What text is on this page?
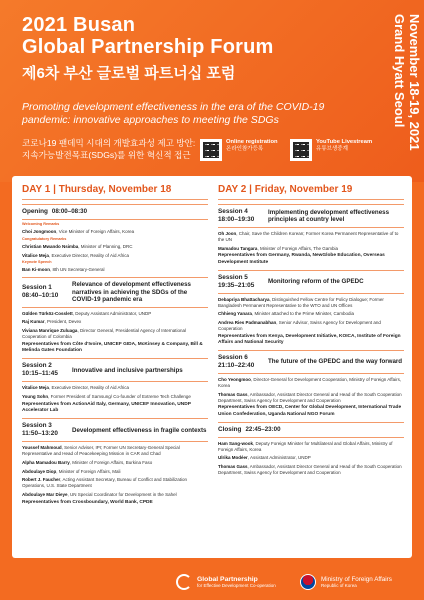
2021 Busan
Global Partnership Forum
제6차 부산 글로벌 파트너십 포럼	November 18-19, 2021 Grand Hyatt Seoul
Promoting development effectiveness in the era of the COVID-19 pandemic: innovative approaches to meeting the SDGs
코로나19 팬데믹 시대의 개발효과성 제고 방안: 지속가능발전목표(SDGs)를 위한 혁신적 접근
Online registration
온라인참가등록
YouTube Livestream
유튜브생중계
DAY 1 | Thursday, November 18
Opening 08:00–08:30
Welcoming Remarks
Choi Jongmoon, Vice Minister of Foreign Affairs, Korea
Congratulatory Remarks
Christian Mwando Nsimba, Minister of Planning, DRC
Vitalice Meja, Executive Director, Reality of Aid Africa
Keynote Speech
Ban Ki-moon, 8th UN Secretary-General
Session 1
08:40–10:10
Relevance of development effectiveness narratives in achieving the SDGs of the COVID-19 pandemic era
Gülden Türköz-Cosslett, Deputy Assistant Administrator, UNDP
Raj Kumar, President, Devex
Viviana Manrique Zuluaga, Director General, Presidential Agency of International Cooperation of Colombia
Representatives from Côte d'Ivoire, UNICEF GIDA, McKinsey & Company, Bill & Melinda Gates Foundation
Session 2
10:15–11:45
Innovative and inclusive partnerships
Vitalice Meja, Executive Director, Reality of Aid Africa
Young Sohn, Former President of Samsung/ Co-founder of Extreme Tech Challenge
Representatives from ActionAid Italy, Germany, UNICEF Innovation, UNDP Accelerator Lab
Session 3
11:50–13:20
Development effectiveness in fragile contexts
Youssef Mahmoud, Senior Adviser, IPI; Former UN Secretary-General Special Representative and Head of Peacekeeping Mission in CAR and Chad
Alpha Mamadou Barry, Minister of Foreign Affairs, Burkina Faso
Abdoulaye Diop, Minister of Foreign Affairs, Mali
Robert J. Faucher, Acting Assistant Secretary, Bureau of Conflict and Stabilization Operations, U.S. State Department
Abdoulaye Mar Dieye, UN Special Coordinator for Development in the Sahel
Representatives from Crossboundary, World Bank, CPDE
DAY 2 | Friday, November 19
Session 4
18:00–19:30
Implementing development effectiveness principles at country level
Oh Joon, Chair, Save the Children Korean; Former Korea Permanent Representative of to the UN
Mamadou Tangara, Minister of Foreign Affairs, The Gambia
Representatives from Germany, Rwanda, NewGlobe Education, Overseas Development Institute
Session 5
19:35–21:05
Monitoring reform of the GPEDC
Debapriya Bhattacharya, Distinguished Fellow Centre for Policy Dialogue; Former Bangladesh Permanent Representative to the WTO and UN Offices
Chhieng Yanara, Minister attached to the Prime Minister, Cambodia
Andrea Ries Padmanabhan, Senior Advisor, Swiss Agency for Development and Cooperation
Representatives from Kenya, Development Initiative, KOICA, Institute of Foreign Affairs and National Security
Session 6
21:10–22:40
The future of the GPEDC and the way forward
Cho Yeongmoo, Director-General for Development Cooperation, Ministry of Foreign Affairs, Korea
Thomas Gass, Ambassador, Assistant Director General and Head of the South Cooperation Department, Swiss Agency for Development and Cooperation
Representatives from OECD, Center for Global Development, International Trade Union Confederation, Uganda National NGO Forum
Closing 22:45–23:00
Ham Sang-wook, Deputy Foreign Minister for Multilateral and Global Affairs, Ministry of Foreign Affairs, Korea
Ulrika Modéer, Assistant Administrator, UNDP
Thomas Gass, Ambassador, Assistant Director General and Head of the South Cooperation Department, Swiss Agency for Development and Cooperation
Global Partnership
for Effective Development Co-operation
Ministry of Foreign Affairs
Republic of Korea
